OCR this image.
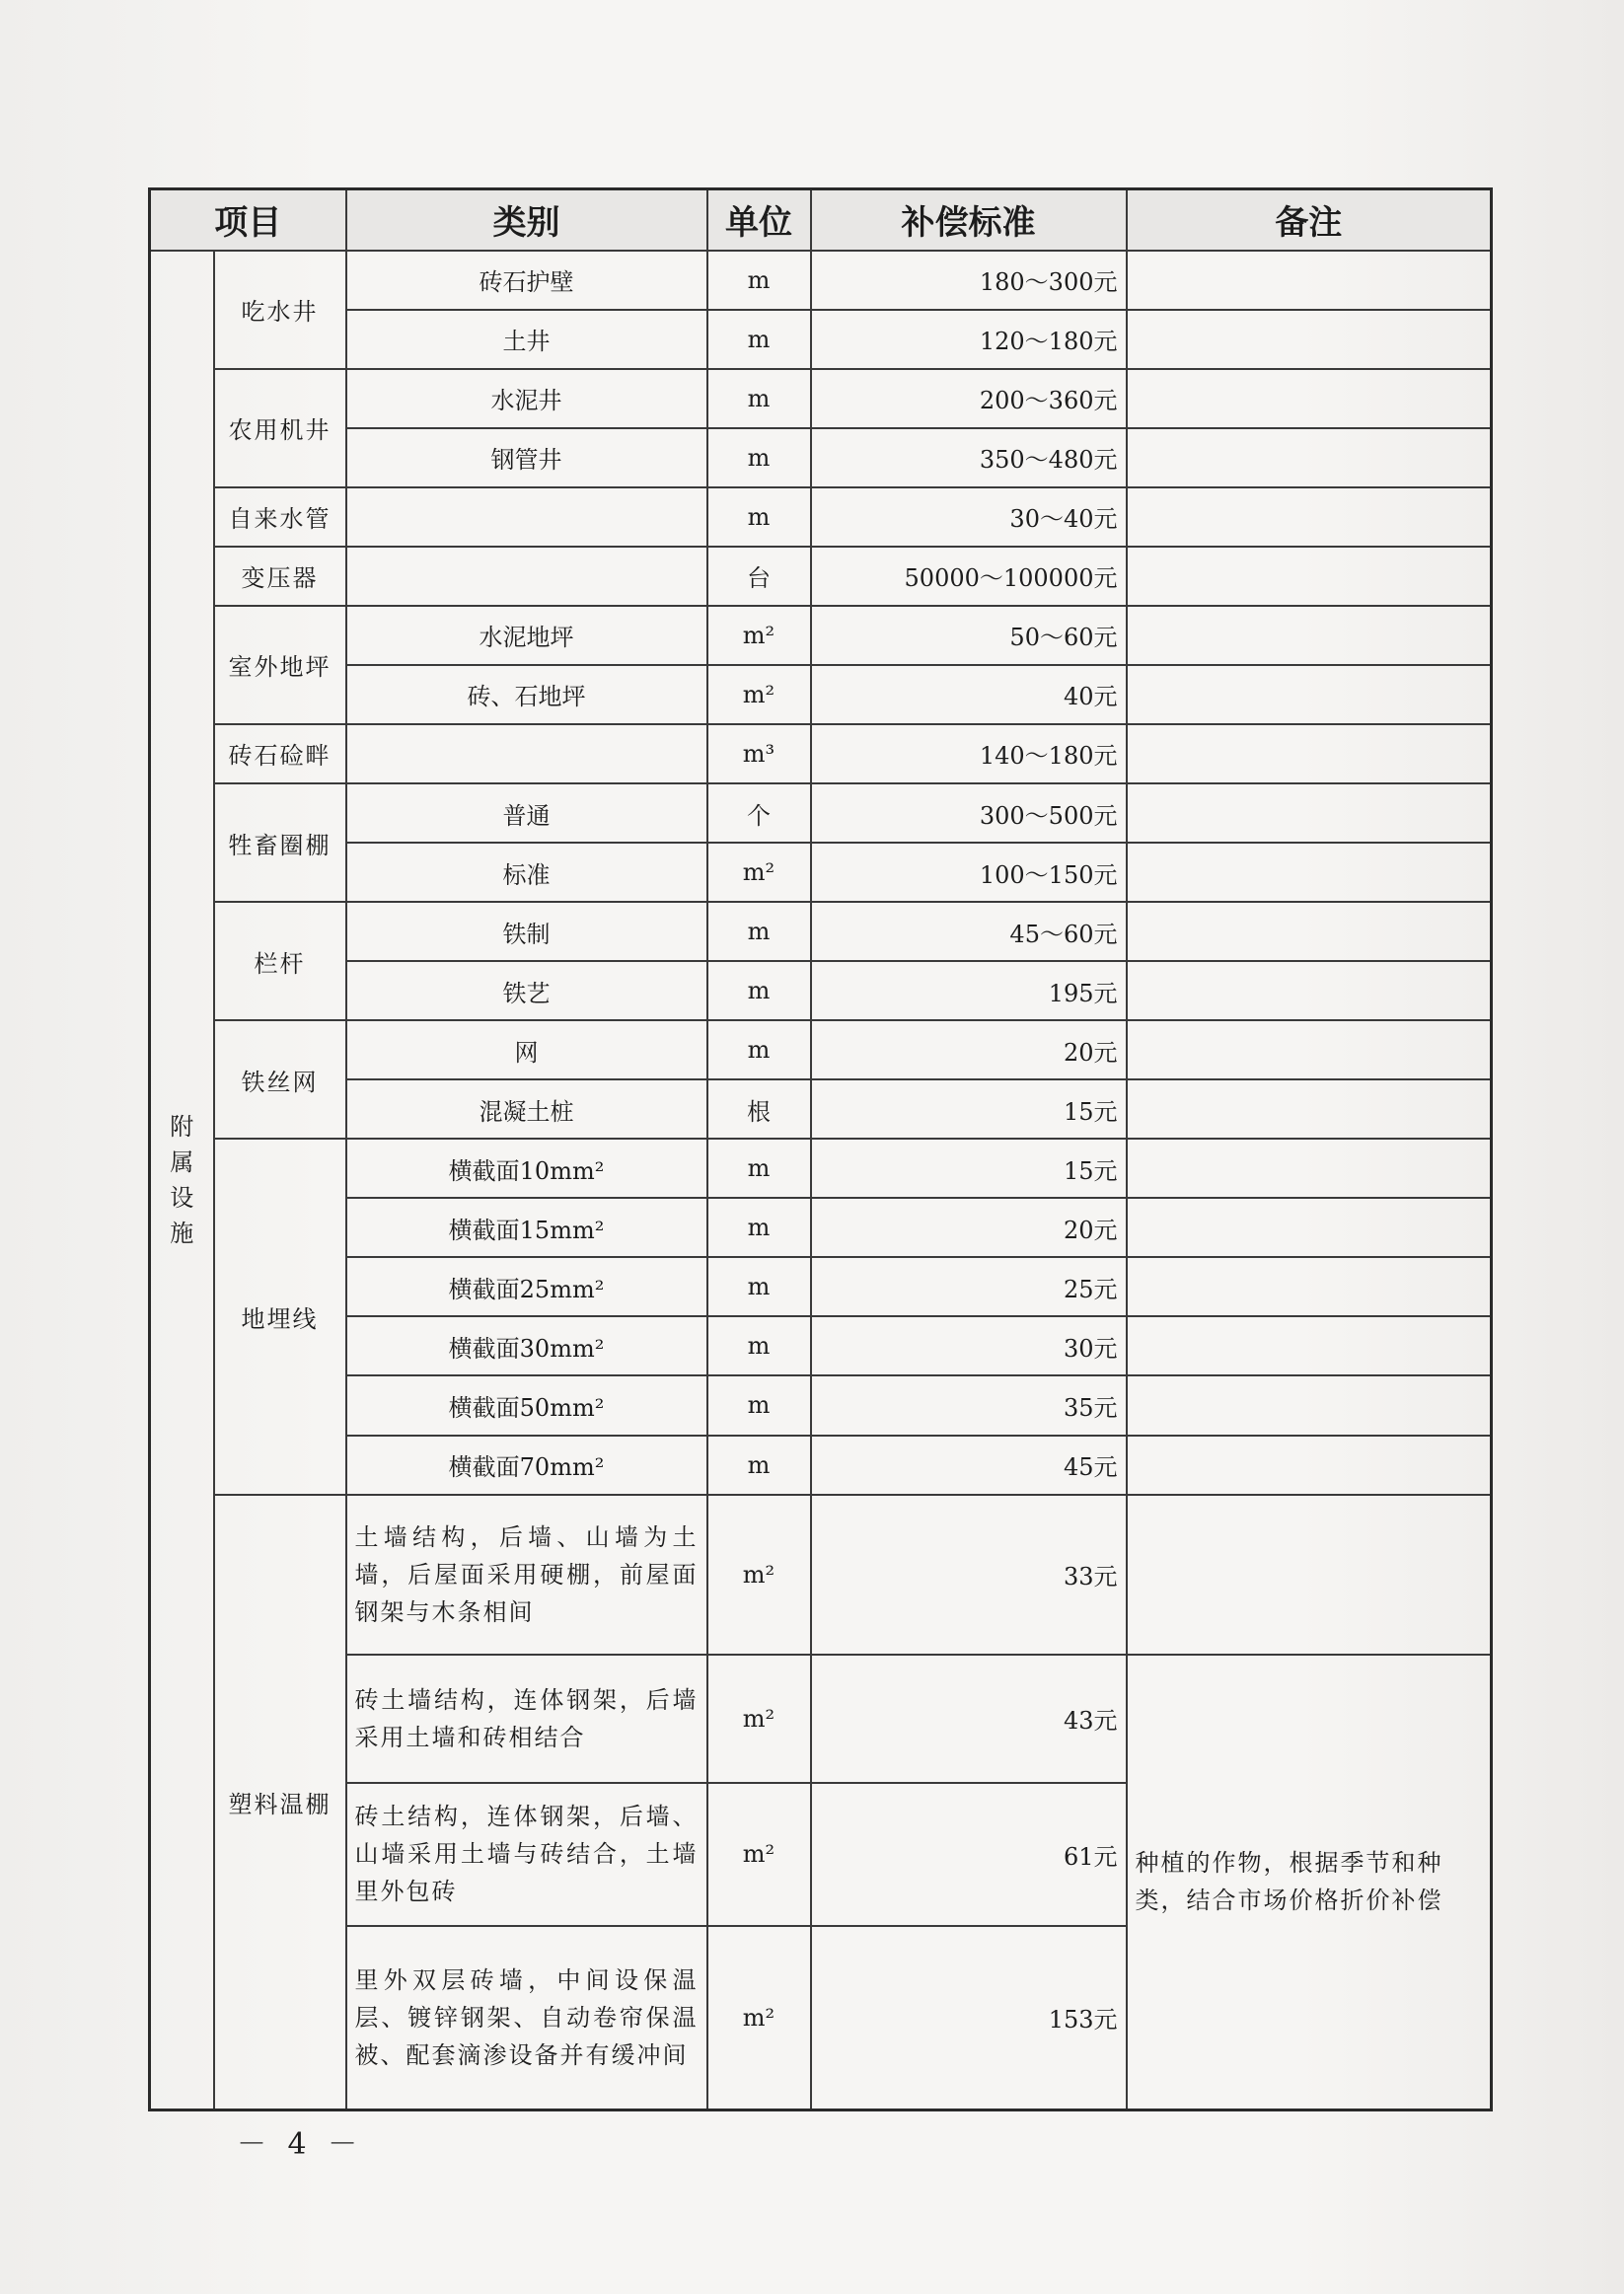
项目		类别	单位	补偿标准	备注

附
属
设
施	吃水井	砖石护壁	m	180～300元	
		土井	m	120～180元	
	农用机井	水泥井	m	200～360元	
		钢管井	m	350～480元	
	自来水管		m	30～40元	
	变压器		台	50000～100000元	
	室外地坪	水泥地坪	m²	50～60元	
		砖、石地坪	m²	40元	
	砖石硷畔		m³	140～180元	
	牲畜圈棚	普通	个	300～500元	
		标准	m²	100～150元	
	栏杆	铁制	m	45～60元	
		铁艺	m	195元	
	铁丝网	网	m	20元	
		混凝土桩	根	15元	
	地埋线	横截面10mm²	m	15元	
		横截面15mm²	m	20元	
		横截面25mm²	m	25元	
		横截面30mm²	m	30元	
		横截面50mm²	m	35元	
		横截面70mm²	m	45元	
	塑料温棚	土墙结构，后墙、山墙为土墙，后屋面采用硬棚，前屋面钢架与木条相间	m²	33元	
		砖土墙结构，连体钢架，后墙采用土墙和砖相结合	m²	43元	种植的作物，根据季节和种类，结合市场价格折价补偿
		砖土结构，连体钢架，后墙、山墙采用土墙与砖结合，土墙里外包砖	m²	61元	
		里外双层砖墙，中间设保温层、镀锌钢架、自动卷帘保温被、配套滴渗设备并有缓冲间	m²	153元	
－ 4 －
